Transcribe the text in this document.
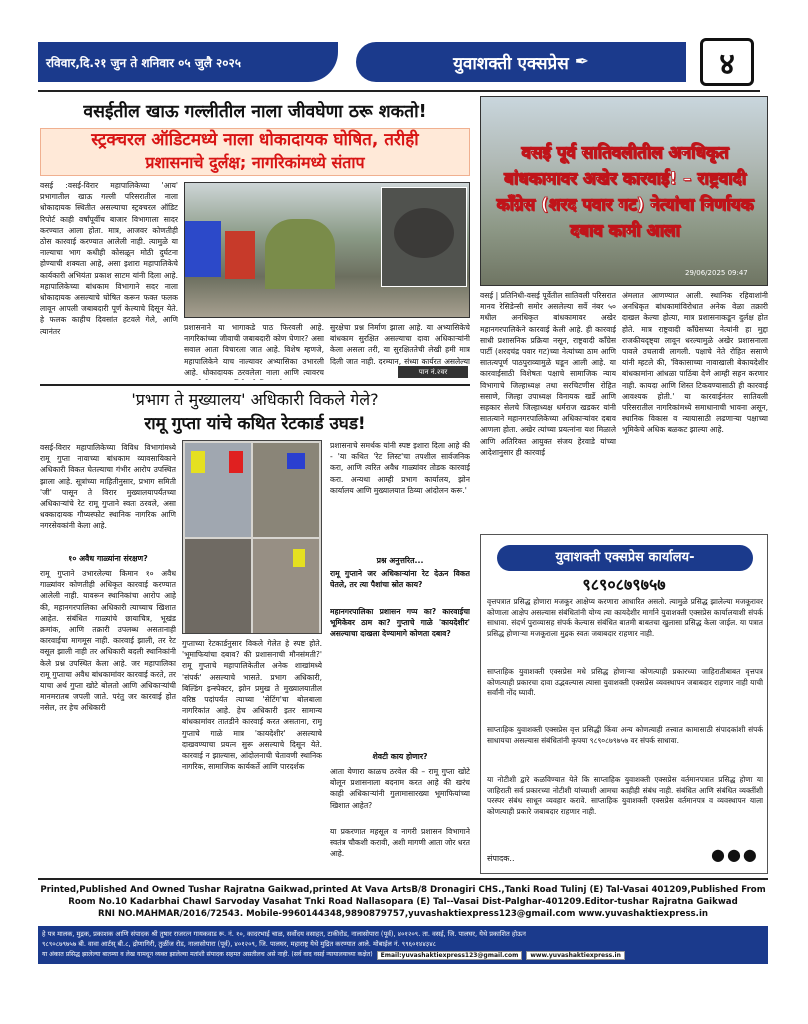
रविवार,दि.२१ जुन ते शनिवार ०५ जुलै २०२५	युवाशक्ती एक्सप्रेस ✒	४
वसईतील खाऊ गल्लीतील नाला जीवघेणा ठरू शकतो!
स्ट्रक्चरल ऑडिटमध्ये नाला धोकादायक घोषित, तरीही
प्रशासनाचे दुर्लक्ष; नागरिकांमध्ये संताप
वसई :वसई-विरार महापालिकेच्या 'आय' प्रभागातील खाऊ गल्ली परिसरातील नाला धोकादायक स्थितीत असल्याचा स्ट्रक्चरल ऑडिट रिपोर्ट काही वर्षांपूर्वीच बाजार विभागाला सादर करण्यात आला होता. मात्र, आजवर कोणतीही ठोस कारवाई करण्यात आलेली नाही. त्यामुळे या नाल्याचा भाग कधीही कोसळून मोठी दुर्घटना होण्याची शक्यता आहे, असा इशारा महापालिकेचे कार्यकारी अभियंता प्रकाश साटम यांनी दिला आहे. महापालिकेच्या बांधकाम विभागाने सदर नाला धोकादायक असल्याचे घोषित करून फक्त फलक लावून आपली जबाबदारी पूर्ण केल्याचे दिसून येते. हे फलक काहीच दिवसांत हटवले गेले, आणि त्यानंतर	प्रशासनाने या भागाकडे पाठ फिरवली आहे. नागरिकांच्या जीवाची जबाबदारी कोण घेणार? असा सवाल आता विचारला जात आहे. विशेष म्हणजे, महापालिकेने याच नाल्यावर अभ्यासिका उभारली आहे. धोकादायक ठरवलेला नाला आणि त्यावरच
सुरक्षेचा प्रश्न निर्माण झाला आहे. या अभ्यासिकेचे बांधकाम सुरक्षित असल्याचा दावा अधिकाऱ्यांनी केला असला तरी, या सुरक्षिततेची लेखी हमी मात्र दिली जात नाही. दरम्यान, संध्या कार्यरत असलेल्या
पान नं.२वर
वसई पूर्व सातिवलीतील अनधिकृत बांधकामावर अखेर कारवाई! – राष्ट्रवादी काँग्रेस (शरद पवार गट) नेत्यांचा निर्णायक दबाव कामी आला
29/06/2025 09:47
वसई | प्रतिनिधी-वसई पूर्वेतील सातिवली परिसरात मानव रेसिडेन्सी समोर असलेल्या सर्वे नंबर ५० मधील अनधिकृत बांधकामावर अखेर महानगरपालिकेने कारवाई केली आहे. ही कारवाई साधी प्रशासनिक प्रक्रिया नसून, राष्ट्रवादी काँग्रेस पार्टी (शरदचंद्र पवार गट)च्या नेत्यांच्या ठाम आणि सातत्यपूर्ण पाठपुराव्यामुळे घडून आली आहे. या कारवाईसाठी विशेषतः पक्षाचे सामाजिक न्याय विभागाचे जिल्हाध्यक्ष तथा सरचिटणीस रोहित ससाणे, जिल्हा उपाध्यक्ष विनायक खर्डे आणि सहकार सेलचे जिल्हाध्यक्ष धर्मराज खडकर यांनी सातत्याने महानगरपालिकेच्या अधिकाऱ्यांवर दबाव आणला होता. अखेर त्यांच्या प्रयत्नांना यश मिळाले आणि अतिरिक्त आयुक्त संजय हेरवाडे यांच्या आदेशानुसार ही कारवाई
अंमलात आणण्यात आली. स्थानिक रहिवाशांनी अनधिकृत बांधकामांविरोधात अनेक वेळा तक्रारी दाखल केल्या होत्या, मात्र प्रशासनाकडून दुर्लक्ष होत होते. मात्र राष्ट्रवादी काँग्रेसच्या नेत्यांनी हा मुद्दा राजकीयदृष्ट्या लावून धरल्यामुळे अखेर प्रशासनाला पावले उचलावी लागली. पक्षाचे नेते रोहित ससाणे यांनी म्हटले की, 'विकासाच्या नावाखाली बेकायदेशीर बांधकामांना आंधळा पाठिंबा देणे आम्ही सहन करणार नाही. कायदा आणि शिस्त टिकवण्यासाठी ही कारवाई आवश्यक होती.' या कारवाईनंतर सातिवली परिसरातील नागरिकांमध्ये समाधानाची भावना असून, स्थानिक विकास व न्यायासाठी लढणाऱ्या पक्षाच्या भूमिकेचे अधिक बळकट झाल्या आहे.
युवाशक्ती एक्सप्रेस कार्यालय-
९८९०८७९७५७
वृत्तपत्रात प्रसिद्ध होणारा मजकूर आक्षेप्य करणारा आधारित असतो. त्यामुळे प्रसिद्ध झालेल्या मजकूरावर कोणाला आक्षेप असल्यास संबंधितांनी योग्य त्या कायदेशीर मार्गाने युवाशक्ती एक्सप्रेस कार्यालयाशी संपर्क साधावा. संदर्भ पुराव्यासह संपर्क केल्यास संबंधित बातमी बाबतचा खुलासा प्रसिद्ध केला जाईल. या पत्रात प्रसिद्ध होणाऱ्या मजकूराला मुद्रक स्वतः जबाबदार राहणार नाही.
साप्ताहिक युवाशक्ती एक्सप्रेस मधे प्रसिद्ध होणाऱ्या कोणत्याही प्रकारच्या जाहिरातीबाबत वृत्तपत्र कोणत्याही प्रकारचा दावा उद्भवल्यास त्यासा युवाशक्ती एक्सप्रेस व्यवस्थापन जबाबदार राहणार नाही याची सर्वांनी नोंद घ्यावी.
साप्ताहिक युवाशक्ती एक्सप्रेस वृत्त प्रसिद्धी किंवा अन्य कोणत्याही तत्त्वात कामासाठी संपादकांशी संपर्क साधायचा असल्यास संबंधितांनी कृपया ९८९०८७९७५७ वर संपर्क साधावा.
या नोटीशी द्वारे कळविण्यात येते कि साप्ताहिक युवाशक्ती एक्सप्रेस वर्तमानपत्रात प्रसिद्ध होणा या जाहिराती सर्व प्रकारच्या नोटीशी यांच्याशी आमचा काहीही संबंध नाही. संबंधित आणि संबंधित व्यक्तींशी परस्पर संबंध साधून व्यवहार करावे. साप्ताहिक युवाशक्ती एक्सप्रेस वर्तमानपत्र व व्यवस्थापन याला कोणत्याही प्रकारे जबाबदार राहणार नाही.
संपादक..	●●●
'प्रभाग ते मुख्यालय' अधिकारी विकले गेले?
रामू गुप्ता यांचे कथित रेटकार्ड उघड!
वसई-विरार महापालिकेच्या विविध विभागांमध्ये रामू गुप्ता नावाच्या बांधकाम व्यावसायिकाने अधिकारी विकत घेतल्याचा गंभीर आरोप उपस्थित झाला आहे. सूत्रांच्या माहितीनुसार, प्रभाग समिती 'जी' पासून ते विरार मुख्यालयापर्यंतच्या अधिकाऱ्यांचे रेट रामू गुप्ताने स्वतः ठरवले, असा धक्कादायक गौप्यस्फोट स्थानिक नागरिक आणि नगरसेवकांनी केला आहे.
१० अवैध गाळ्यांना संरक्षण?
रामू गुप्ताने उभारलेल्या किमान १० अवैध गाळ्यांवर कोणतीही अधिकृत कारवाई करण्यात आलेली नाही. यावरून स्थानिकांचा आरोप आहे की, महानगरपालिका अधिकारी त्याच्याच खिशात आहेत. संबंधित गाळ्यांचे छायाचित्र, भूखंड क्रमांक, आणि तक्रारी उपलब्ध असतानाही कारवाईचा मागमूस नाही. कारवाई झाली, तर रेट वसूल झाली नाही तर अधिकारी बदली स्थानिकांनी केले प्रश्न उपस्थित केला आहे. जर महापालिका रामू गुप्ताचा अवैध बांधकामांवर कारवाई करते, तर याचा अर्थ गुप्ता खोटे बोलतो आणि अधिकाऱ्यांची मानमरातब जपली जाते. परंतु जर कारवाई होत नसेल, तर हेच अधिकारी
गुप्ताच्या रेटकार्डनुसार विकले गेलेत हे स्पष्ट होते. 'भूमाफियांचा दबाव? की प्रशासनाची मौनसंमती?' रामू गुप्ताचे महापालिकेतील अनेक शाखांमध्ये 'संपर्क' असल्याचे भासते. प्रभाग अधिकारी, बिल्डिंग इन्स्पेक्टर, झोन प्रमुख ते मुख्यालयातील वरिष्ठ पदांपर्यंत त्याच्या 'सेटिंग'चा बोलबाला नागरिकांत आहे. हेच अधिकारी इतर सामान्य बांधकामांवर तातडीने कारवाई करत असताना, रामू गुप्ताचे गाळे मात्र 'कायदेशीर' असल्याचे दाखवण्याचा प्रयत्न सुरू असल्याचे दिसून येते. कारवाई न झाल्यास, आंदोलनाची चेतावणी स्थानिक नागरिक, सामाजिक कार्यकर्ते आणि पारदर्शक
प्रशासनाचे समर्थक यांनी स्पष्ट इशारा दिला आहे की - 'या कथित 'रेट लिस्ट'चा तपशील सार्वजनिक करा, आणि त्वरित अवैध गाळ्यांवर तोडक कारवाई करा. अन्यथा आम्ही प्रभाग कार्यालय, झोन कार्यालय आणि मुख्यालयात ठिय्या आंदोलन करू.'
प्रश्न अनुत्तरित...
रामू गुप्ताने जर अधिकाऱ्यांना रेट देऊन विकत घेतले, तर त्या पैशांचा स्रोत काय?
महानगरपालिका प्रशासन गप्प का? कारवाईचा भूमिकेवर ठाम का? गुप्ताचे गाळे 'कायदेशीर' असल्याचा दाखला देण्यामागे कोणता दबाव?
शेवटी काय होणार?
आता येणारा काळच ठरवेल की – रामू गुप्ता खोटे बोलून प्रशासनाला बदनाम करत आहे की खरंच काही अधिकाऱ्यांनी गुलामासारख्या भूमाफियांच्या खिशात आहेत?
या प्रकरणात महसूल व नागरी प्रशासन विभागाने स्वतंत्र चौकशी करावी, अशी मागणी आता जोर धरत आहे.
Printed,Published And Owned Tushar Rajratna Gaikwad,printed At Vava ArtsB/8 Dronagiri CHS.,Tanki Road Tulinj (E) Tal-Vasai 401209,Published From
Room No.10 Kadarbhai Chawl Sarvoday Vasahat Tnki Road Nallasopara (E) Tal--Vasai Dist-Palghar-401209.Editor-tushar Rajratna Gaikwad
RNI NO.MAHMAR/2016/72543. Mobile-9960144348,9890879757,yuvashaktiexpress123@gmail.com www.yuvashaktiexpress.in
हे पत्र मालक, मुद्रक, प्रकाशक आणि संपादक श्री तुषार राजरत्न गायकवाड रू. नं. १०, कादरभाई चाळ, सर्वोदय वसाहत, टाकीरोड, नालासोपारा (पूर्व), ४०१२०९. ता. वसई, जि. पालघर, येथे प्रकाशित होऊन
९८९०८७९७५७ बी. वावा आर्टस् बी.८, द्रोणागिरी, तुळींज रोड, नालासोपारा (पूर्व), ४०१२०९, जि. पालघर, महाराष्ट्र येथे मुद्रित करण्यात आले. मोबाईल नं. ९९६०१४४३४८
या अंकात प्रसिद्ध झालेल्या बातम्या व लेख यामधून व्यक्त झालेल्या मतांशी संपादक सहमत असतीलच असे नाही. (सर्व वाद वसई न्यायालयाच्या कक्षेत)	Email:yuvashaktiexpress123@gmail.com	www.yuvashaktiexpress.in
